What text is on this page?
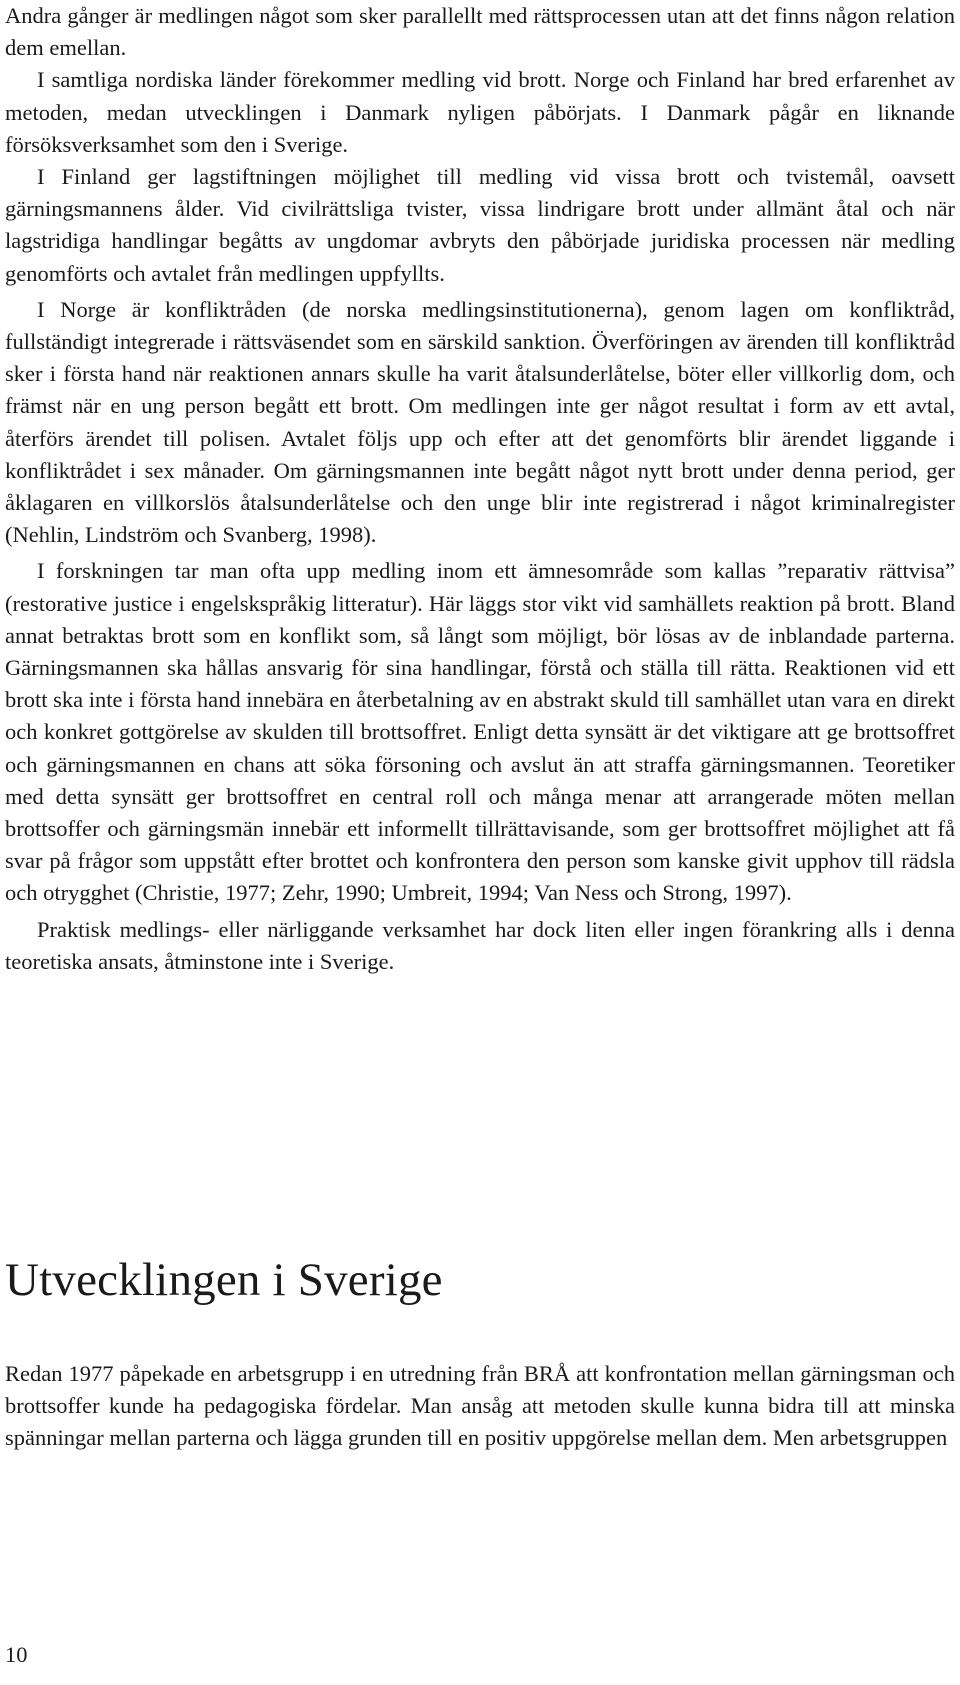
Andra gånger är medlingen något som sker parallellt med rättsprocessen utan att det finns någon relation dem emellan.

I samtliga nordiska länder förekommer medling vid brott. Norge och Finland har bred erfarenhet av metoden, medan utvecklingen i Danmark nyligen påbörjats. I Danmark pågår en liknande försöksverksamhet som den i Sverige.

I Finland ger lagstiftningen möjlighet till medling vid vissa brott och tvistemål, oavsett gärningsmannens ålder. Vid civilrättsliga tvister, vissa lindrigare brott under allmänt åtal och när lagstridiga handlingar begåtts av ungdomar avbryts den påbörjade juridiska processen när medling genomförts och avtalet från medlingen uppfyllts.

I Norge är konfliktråden (de norska medlingsinstitutionerna), genom lagen om konfliktråd, fullständigt integrerade i rättsväsendet som en särskild sanktion. Överföringen av ärenden till konfliktråd sker i första hand när reaktionen annars skulle ha varit åtalsunderlåtelse, böter eller villkorlig dom, och främst när en ung person begått ett brott. Om medlingen inte ger något resultat i form av ett avtal, återförs ärendet till polisen. Avtalet följs upp och efter att det genomförts blir ärendet liggande i konfliktrådet i sex månader. Om gärningsmannen inte begått något nytt brott under denna period, ger åklagaren en villkorslös åtalsunderlåtelse och den unge blir inte registrerad i något kriminalregister (Nehlin, Lindström och Svanberg, 1998).

I forskningen tar man ofta upp medling inom ett ämnesområde som kallas ”reparativ rättvisa” (restorative justice i engelskspråkig litteratur). Här läggs stor vikt vid samhällets reaktion på brott. Bland annat betraktas brott som en konflikt som, så långt som möjligt, bör lösas av de inblandade parterna. Gärningsmannen ska hållas ansvarig för sina handlingar, förstå och ställa till rätta. Reaktionen vid ett brott ska inte i första hand innebära en återbetalning av en abstrakt skuld till samhället utan vara en direkt och konkret gottgörelse av skulden till brottsoffret. Enligt detta synsätt är det viktigare att ge brottsoffret och gärningsmannen en chans att söka försoning och avslut än att straffa gärningsmannen. Teoretiker med detta synsätt ger brottsoffret en central roll och många menar att arrangerade möten mellan brottsoffer och gärningsmän innebär ett informellt tillrättavisande, som ger brottsoffret möjlighet att få svar på frågor som uppstått efter brottet och konfrontera den person som kanske givit upphov till rädsla och otrygghet (Christie, 1977; Zehr, 1990; Umbreit, 1994; Van Ness och Strong, 1997).

Praktisk medlings- eller närliggande verksamhet har dock liten eller ingen förankring alls i denna teoretiska ansats, åtminstone inte i Sverige.

Utvecklingen i Sverige

Redan 1977 påpekade en arbetsgrupp i en utredning från BRÅ att konfrontation mellan gärningsman och brottsoffer kunde ha pedagogiska fördelar. Man ansåg att metoden skulle kunna bidra till att minska spänningar mellan parterna och lägga grunden till en positiv uppgörelse mellan dem. Men arbetsgruppen

10
